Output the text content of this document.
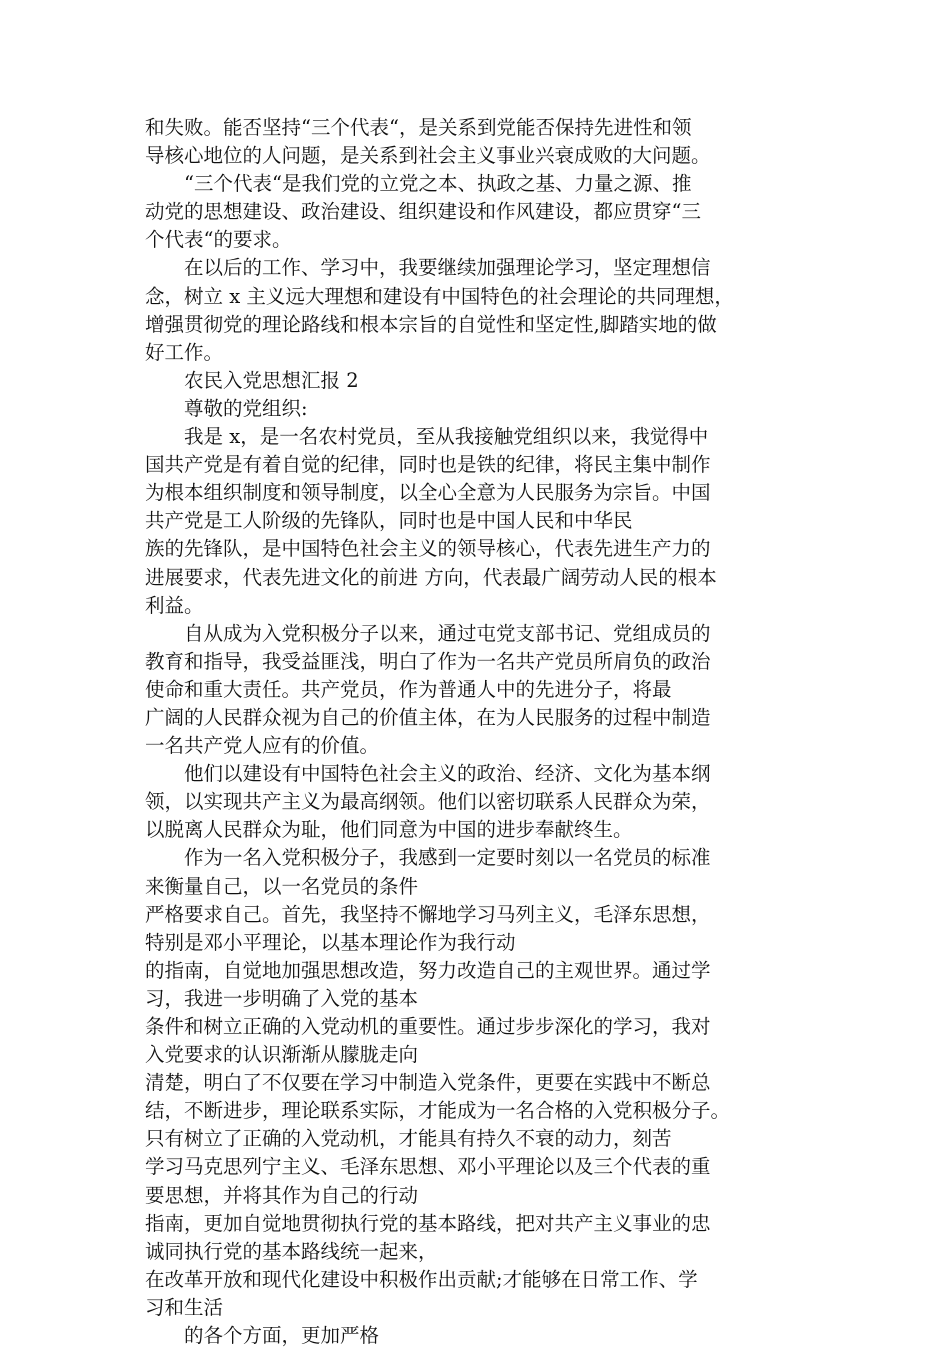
和失败。能否坚持“三个代表“，是关系到党能否保持先进性和领
导核心地位的人问题，是关系到社会主义事业兴衰成败的大问题。
　　“三个代表“是我们党的立党之本、执政之基、力量之源、推
动党的思想建设、政治建设、组织建设和作风建设，都应贯穿“三
个代表“的要求。
　　在以后的工作、学习中，我要继续加强理论学习，坚定理想信
念，树立 x 主义远大理想和建设有中国特色的社会理论的共同理想，
增强贯彻党的理论路线和根本宗旨的自觉性和坚定性,脚踏实地的做
好工作。
　　农民入党思想汇报 2
　　尊敬的党组织:
　　我是 x，是一名农村党员，至从我接触党组织以来，我觉得中
国共产党是有着自觉的纪律，同时也是铁的纪律，将民主集中制作
为根本组织制度和领导制度，以全心全意为人民服务为宗旨。中国
共产党是工人阶级的先锋队，同时也是中国人民和中华民
族的先锋队，是中国特色社会主义的领导核心，代表先进生产力的
进展要求，代表先进文化的前进 方向，代表最广阔劳动人民的根本
利益。
　　自从成为入党积极分子以来，通过屯党支部书记、党组成员的
教育和指导，我受益匪浅，明白了作为一名共产党员所肩负的政治
使命和重大责任。共产党员，作为普通人中的先进分子，将最
广阔的人民群众视为自己的价值主体，在为人民服务的过程中制造
一名共产党人应有的价值。
　　他们以建设有中国特色社会主义的政治、经济、文化为基本纲
领，以实现共产主义为最高纲领。他们以密切联系人民群众为荣，
以脱离人民群众为耻，他们同意为中国的进步奉献终生。
　　作为一名入党积极分子，我感到一定要时刻以一名党员的标准
来衡量自己，以一名党员的条件
严格要求自己。首先，我坚持不懈地学习马列主义，毛泽东思想，
特别是邓小平理论，以基本理论作为我行动
的指南，自觉地加强思想改造，努力改造自己的主观世界。通过学
习，我进一步明确了入党的基本
条件和树立正确的入党动机的重要性。通过步步深化的学习，我对
入党要求的认识渐渐从朦胧走向
清楚，明白了不仅要在学习中制造入党条件，更要在实践中不断总
结，不断进步，理论联系实际，才能成为一名合格的入党积极分子。
只有树立了正确的入党动机，才能具有持久不衰的动力，刻苦
学习马克思列宁主义、毛泽东思想、邓小平理论以及三个代表的重
要思想，并将其作为自己的行动
指南，更加自觉地贯彻执行党的基本路线，把对共产主义事业的忠
诚同执行党的基本路线统一起来，
在改革开放和现代化建设中积极作出贡献;才能够在日常工作、学
习和生活
　　的各个方面，更加严格
